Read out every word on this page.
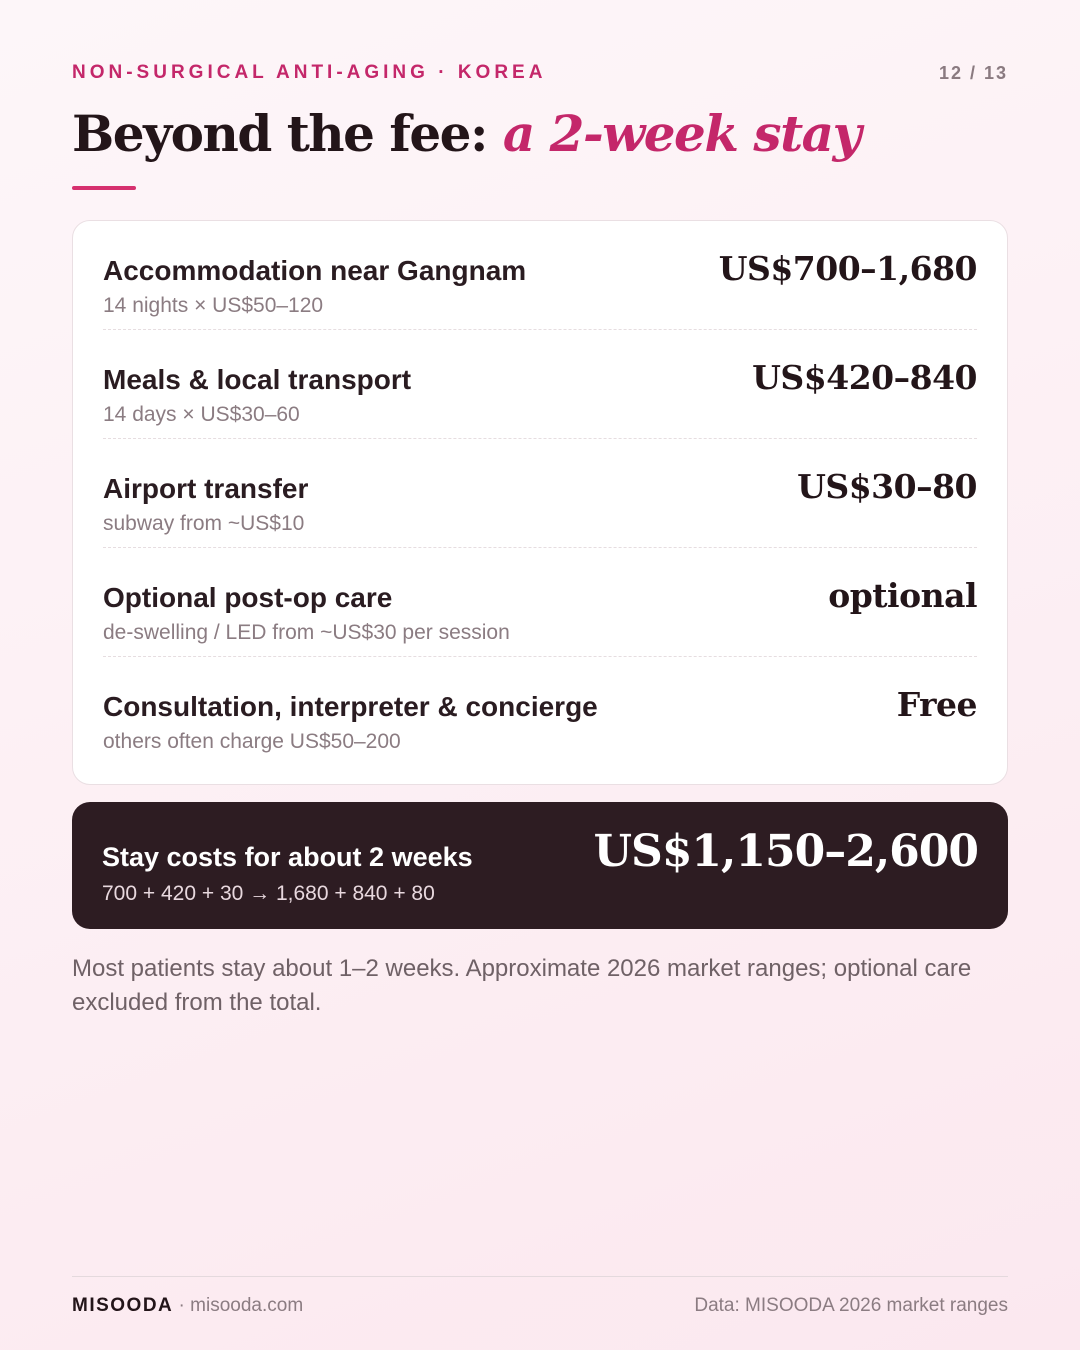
NON-SURGICAL ANTI-AGING · KOREA	12 / 13
Beyond the fee: a 2-week stay
Accommodation near Gangnam
14 nights × US$50–120
US$700–1,680
Meals & local transport
14 days × US$30–60
US$420–840
Airport transfer
subway from ~US$10
US$30–80
Optional post-op care
de-swelling / LED from ~US$30 per session
optional
Consultation, interpreter & concierge
others often charge US$50–200
Free
Stay costs for about 2 weeks
700 + 420 + 30 → 1,680 + 840 + 80
US$1,150–2,600

Most patients stay about 1–2 weeks. Approximate 2026 market ranges; optional care excluded from the total.

MISOODA · misooda.com	Data: MISOODA 2026 market ranges
